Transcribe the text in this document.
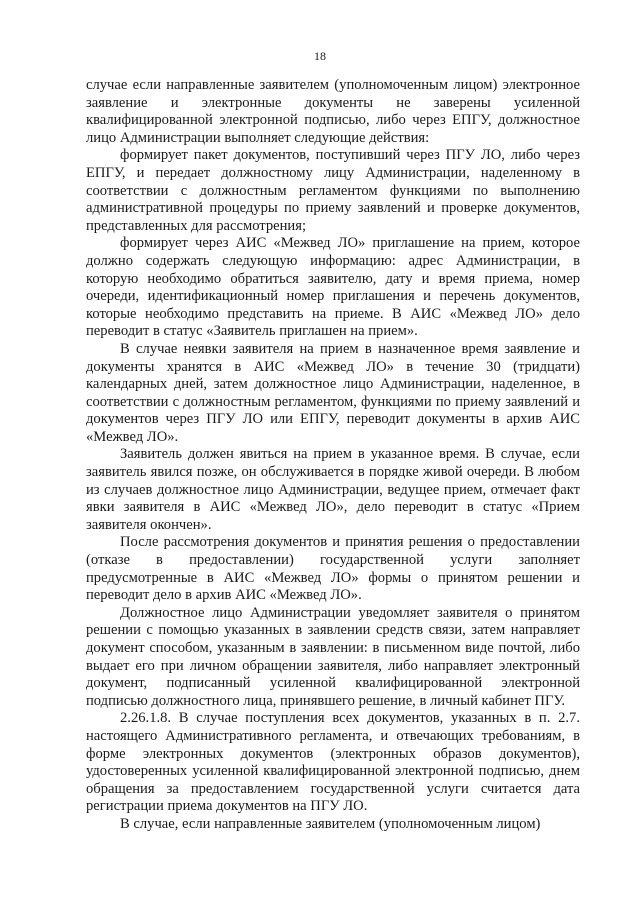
18

случае если направленные заявителем (уполномоченным лицом) электронное заявление и электронные документы не заверены усиленной квалифицированной электронной подписью, либо через ЕПГУ, должностное лицо Администрации выполняет следующие действия:

формирует пакет документов, поступивший через ПГУ ЛО, либо через ЕПГУ, и передает должностному лицу Администрации, наделенному в соответствии с должностным регламентом функциями по выполнению административной процедуры по приему заявлений и проверке документов, представленных для рассмотрения;

формирует через АИС «Межвед ЛО» приглашение на прием, которое должно содержать следующую информацию: адрес Администрации, в которую необходимо обратиться заявителю, дату и время приема, номер очереди, идентификационный номер приглашения и перечень документов, которые необходимо представить на приеме. В АИС «Межвед ЛО» дело переводит в статус «Заявитель приглашен на прием».

В случае неявки заявителя на прием в назначенное время заявление и документы хранятся в АИС «Межвед ЛО» в течение 30 (тридцати) календарных дней, затем должностное лицо Администрации, наделенное, в соответствии с должностным регламентом, функциями по приему заявлений и документов через ПГУ ЛО или ЕПГУ, переводит документы в архив АИС «Межвед ЛО».

Заявитель должен явиться на прием в указанное время. В случае, если заявитель явился позже, он обслуживается в порядке живой очереди. В любом из случаев должностное лицо Администрации, ведущее прием, отмечает факт явки заявителя в АИС «Межвед ЛО», дело переводит в статус «Прием заявителя окончен».

После рассмотрения документов и принятия решения о предоставлении (отказе в предоставлении) государственной услуги заполняет предусмотренные в АИС «Межвед ЛО» формы о принятом решении и переводит дело в архив АИС «Межвед ЛО».

Должностное лицо Администрации уведомляет заявителя о принятом решении с помощью указанных в заявлении средств связи, затем направляет документ способом, указанным в заявлении: в письменном виде почтой, либо выдает его при личном обращении заявителя, либо направляет электронный документ, подписанный усиленной квалифицированной электронной подписью должностного лица, принявшего решение, в личный кабинет ПГУ.

2.26.1.8. В случае поступления всех документов, указанных в п. 2.7. настоящего Административного регламента, и отвечающих требованиям, в форме электронных документов (электронных образов документов), удостоверенных усиленной квалифицированной электронной подписью, днем обращения за предоставлением государственной услуги считается дата регистрации приема документов на ПГУ ЛО.

В случае, если направленные заявителем (уполномоченным лицом)
